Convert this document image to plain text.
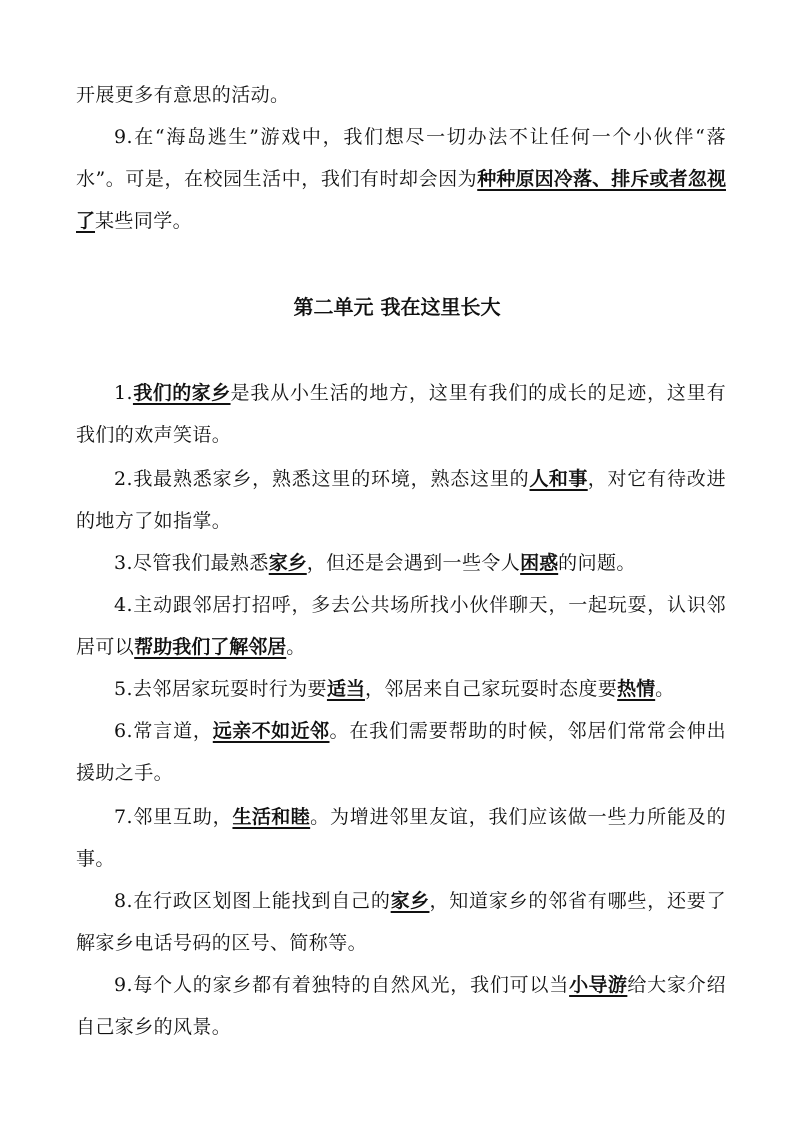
开展更多有意思的活动。

9.在“海岛逃生”游戏中，我们想尽一切办法不让任何一个小伙伴“落水”。可是，在校园生活中，我们有时却会因为种种原因冷落、排斥或者忽视了某些同学。

第二单元 我在这里长大

1.我们的家乡是我从小生活的地方，这里有我们的成长的足迹，这里有我们的欢声笑语。

2.我最熟悉家乡，熟悉这里的环境，熟态这里的人和事，对它有待改进的地方了如指掌。

3.尽管我们最熟悉家乡，但还是会遇到一些令人困惑的问题。

4.主动跟邻居打招呼，多去公共场所找小伙伴聊天，一起玩耍，认识邻居可以帮助我们了解邻居。

5.去邻居家玩耍时行为要适当，邻居来自己家玩耍时态度要热情。

6.常言道，远亲不如近邻。在我们需要帮助的时候，邻居们常常会伸出援助之手。

7.邻里互助，生活和睦。为增进邻里友谊，我们应该做一些力所能及的事。

8.在行政区划图上能找到自己的家乡，知道家乡的邻省有哪些，还要了解家乡电话号码的区号、简称等。

9.每个人的家乡都有着独特的自然风光，我们可以当小导游给大家介绍自己家乡的风景。
